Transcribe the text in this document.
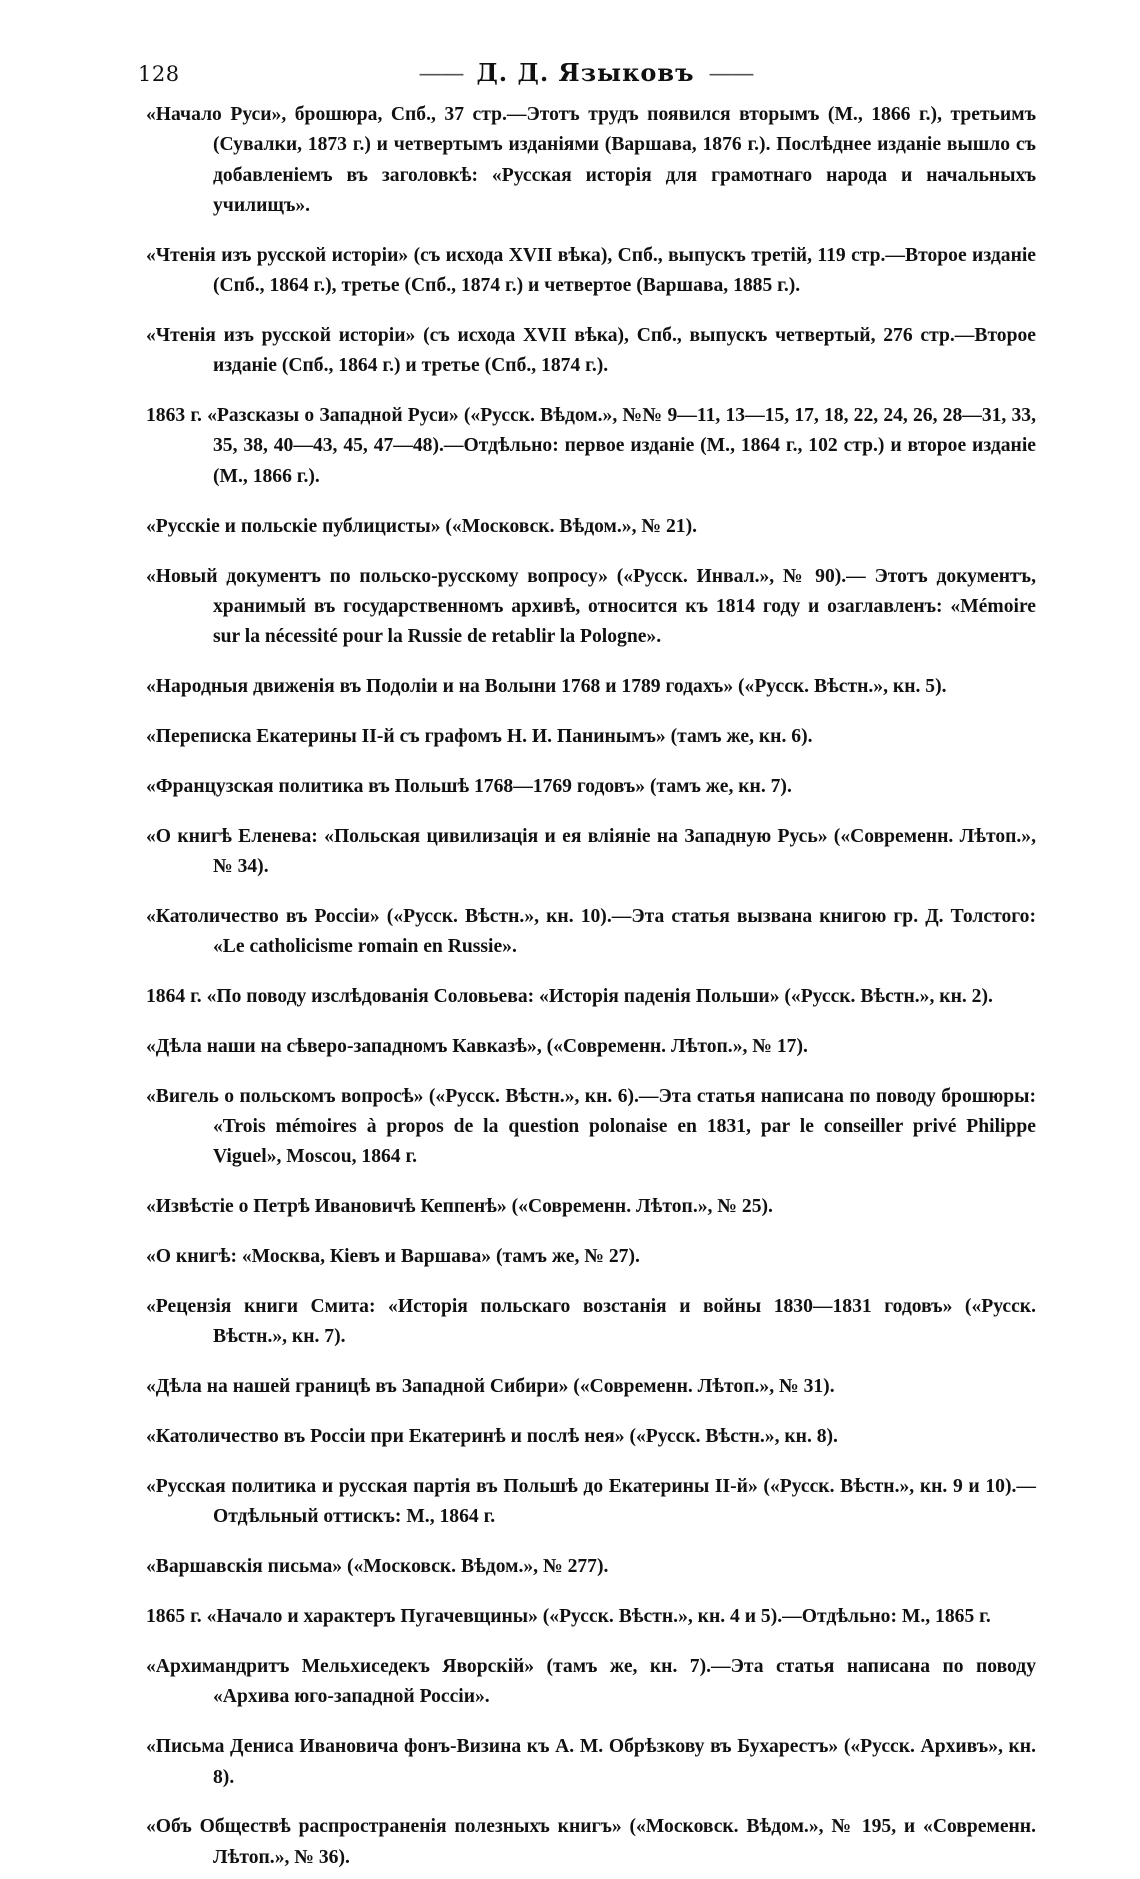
128	—— Д. Д. Языковъ ——

«Начало Руси», брошюра, Спб., 37 стр.—Этотъ трудъ появился вторымъ (М., 1866 г.), третьимъ (Сувалки, 1873 г.) и четвертымъ изданіями (Варшава, 1876 г.). Послѣднее изданіе вышло съ добавленіемъ въ заголовкѣ: «Русская исторія для грамотнаго народа и начальныхъ училищъ».

«Чтенія изъ русской исторіи» (съ исхода XVII вѣка), Спб., выпускъ третій, 119 стр.—Второе изданіе (Спб., 1864 г.), третье (Спб., 1874 г.) и четвертое (Варшава, 1885 г.).

«Чтенія изъ русской исторіи» (съ исхода XVII вѣка), Спб., выпускъ четвертый, 276 стр.—Второе изданіе (Спб., 1864 г.) и третье (Спб., 1874 г.).

1863 г. «Разсказы о Западной Руси» («Русск. Вѣдом.», №№ 9—11, 13—15, 17, 18, 22, 24, 26, 28—31, 33, 35, 38, 40—43, 45, 47—48).—Отдѣльно: первое изданіе (М., 1864 г., 102 стр.) и второе изданіе (М., 1866 г.).

«Русскіе и польскіе публицисты» («Московск. Вѣдом.», № 21).

«Новый документъ по польско-русскому вопросу» («Русск. Инвал.», № 90).— Этотъ документъ, хранимый въ государственномъ архивѣ, относится къ 1814 году и озаглавленъ: «Mémoire sur la nécessité pour la Russie de retablir la Pologne».

«Народныя движенія въ Подоліи и на Волыни 1768 и 1789 годахъ» («Русск. Вѣстн.», кн. 5).

«Переписка Екатерины II-й съ графомъ Н. И. Панинымъ» (тамъ же, кн. 6).

«Французская политика въ Польшѣ 1768—1769 годовъ» (тамъ же, кн. 7).

«О книгѣ Еленева: «Польская цивилизація и ея вліяніе на Западную Русь» («Современн. Лѣтоп.», № 34).

«Католичество въ Россіи» («Русск. Вѣстн.», кн. 10).—Эта статья вызвана книгою гр. Д. Толстого: «Le catholicisme romain en Russie».

1864 г. «По поводу изслѣдованія Соловьева: «Исторія паденія Польши» («Русск. Вѣстн.», кн. 2).

«Дѣла наши на сѣверо-западномъ Кавказѣ», («Современн. Лѣтоп.», № 17).

«Вигель о польскомъ вопросѣ» («Русск. Вѣстн.», кн. 6).—Эта статья написана по поводу брошюры: «Trois mémoires à propos de la question polonaise en 1831, par le conseiller privé Philippe Viguel», Moscou, 1864 г.

«Извѣстіе о Петрѣ Ивановичѣ Кеппенѣ» («Современн. Лѣтоп.», № 25).

«О книгѣ: «Москва, Кіевъ и Варшава» (тамъ же, № 27).

«Рецензія книги Смита: «Исторія польскаго возстанія и войны 1830—1831 годовъ» («Русск. Вѣстн.», кн. 7).

«Дѣла на нашей границѣ въ Западной Сибири» («Современн. Лѣтоп.», № 31).

«Католичество въ Россіи при Екатеринѣ и послѣ нея» («Русск. Вѣстн.», кн. 8).

«Русская политика и русская партія въ Польшѣ до Екатерины II-й» («Русск. Вѣстн.», кн. 9 и 10).—Отдѣльный оттискъ: М., 1864 г.

«Варшавскія письма» («Московск. Вѣдом.», № 277).

1865 г. «Начало и характеръ Пугачевщины» («Русск. Вѣстн.», кн. 4 и 5).—Отдѣльно: М., 1865 г.

«Архимандритъ Мельхиседекъ Яворскій» (тамъ же, кн. 7).—Эта статья написана по поводу «Архива юго-западной Россіи».

«Письма Дениса Ивановича фонъ-Визина къ А. М. Обрѣзкову въ Бухарестъ» («Русск. Архивъ», кн. 8).

«Объ Обществѣ распространенія полезныхъ книгъ» («Московск. Вѣдом.», № 195, и «Современн. Лѣтоп.», № 36).
